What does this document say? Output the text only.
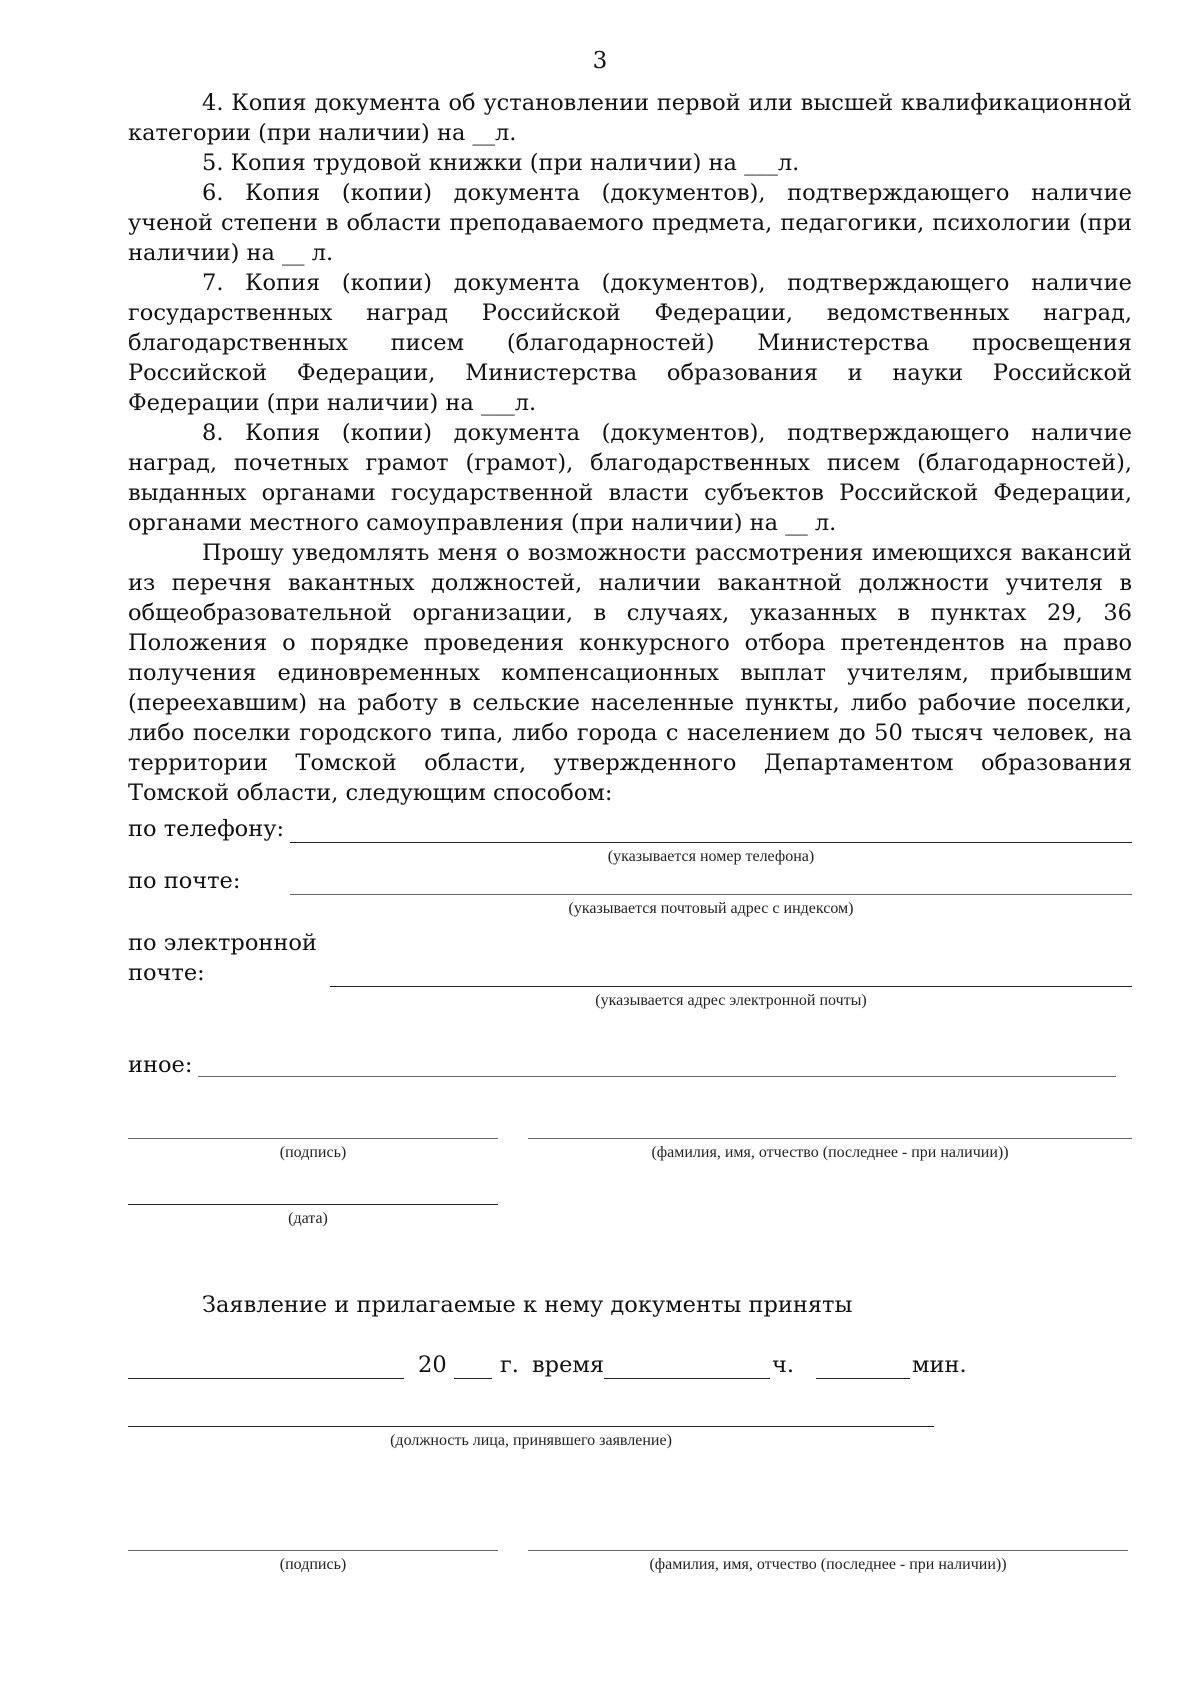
3

4. Копия документа об установлении первой или высшей квалификационной категории (при наличии) на __л.

5. Копия трудовой книжки (при наличии) на ___л.

6. Копия (копии) документа (документов), подтверждающего наличие ученой степени в области преподаваемого предмета, педагогики, психологии (при наличии) на __ л.

7. Копия (копии) документа (документов), подтверждающего наличие государственных наград Российской Федерации, ведомственных наград, благодарственных писем (благодарностей) Министерства просвещения Российской Федерации, Министерства образования и науки Российской Федерации (при наличии) на ___л.

8. Копия (копии) документа (документов), подтверждающего наличие наград, почетных грамот (грамот), благодарственных писем (благодарностей), выданных органами государственной власти субъектов Российской Федерации, органами местного самоуправления (при наличии) на __ л.

Прошу уведомлять меня о возможности рассмотрения имеющихся вакансий из перечня вакантных должностей, наличии вакантной должности учителя в общеобразовательной организации, в случаях, указанных в пунктах 29, 36 Положения о порядке проведения конкурсного отбора претендентов на право получения единовременных компенсационных выплат учителям, прибывшим (переехавшим) на работу в сельские населенные пункты, либо рабочие поселки, либо поселки городского типа, либо города с населением до 50 тысяч человек, на территории Томской области, утвержденного Департаментом образования Томской области, следующим способом:

по телефону:
(указывается номер телефона)
по почте:
(указывается почтовый адрес с индексом)
по электронной
почте:
(указывается адрес электронной почты)
иное:
(подпись)	(фамилия, имя, отчество (последнее - при наличии))
(дата)
Заявление и прилагаемые к нему документы приняты
20 г. время	ч.	мин.
(должность лица, принявшего заявление)
(подпись)	(фамилия, имя, отчество (последнее - при наличии))
